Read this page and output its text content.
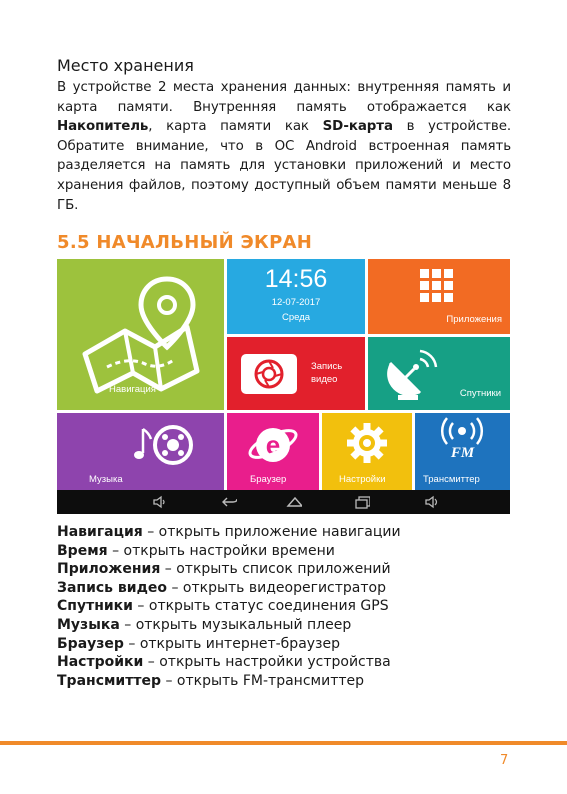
Место хранения

В устройстве 2 места хранения данных: внутренняя память и карта памяти. Внутренняя память отображается как Накопитель, карта памяти как SD-карта в устройстве. Обратите внимание, что в ОС Android встроенная память разделяется на память для установки приложений и место хранения файлов, поэтому доступный объем памяти меньше 8 ГБ.

5.5 НАЧАЛЬНЫЙ ЭКРАН
Навигация
14:56
12-07-2017
Среда	Приложения
Запись
видео
Спутники
Музыка
e
Браузер	Настройки
FM
Трансмиттер
Навигация – открыть приложение навигации
Время – открыть настройки времени
Приложения – открыть список приложений
Запись видео – открыть видеорегистратор
Спутники – открыть статус соединения GPS
Музыка – открыть музыкальный плеер
Браузер – открыть интернет-браузер
Настройки – открыть настройки устройства
Трансмиттер – открыть FM-трансмиттер
7
